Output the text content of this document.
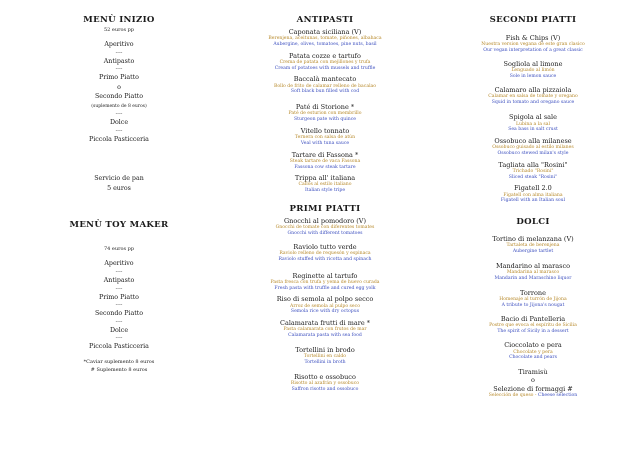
MENÙ INIZIO
52 euros pp
Aperitivo
----
Antipasto
----
Primo Piatto
o
Secondo Piatto
(suplemento de 8 euros)
----
Dolce
----
Piccola Pasticceria
Servicio de pan
5 euros
MENÙ TOY MAKER
74 euros pp
Aperitivo
----
Antipasto
----
Primo Piatto
----
Secondo Piatto
----
Dolce
----
Piccola Pasticceria
*Caviar suplemento 8 euros
# Suplemento 8 euros
ANTIPASTI
Caponata siciliana (V)
Berenjena, aceitunas, tomate, piñones, albahaca
Aubergine, olives, tomatoes, pine nuts, basil
Patata cozze e tartufo
Crema de patata con mejillones y trufa
Cream of potatoes with mussels and truffle
Baccalà mantecato
Bollo de frito de calamar relleno de bacalao
Soft black bun filled with cod
Paté di Storione *
Paté de esturion con membrillo
Sturgeon pate with quince
Vitello tonnato
Ternera con salsa de atún
Veal with tuna sauce
Tartare di Fassona *
Steak tartare de vaca Fassona
Fassona cow steak tartare
Trippa all' italiana
Callos al estilo italiano
Italian style tripe
PRIMI PIATTI
Gnocchi al pomodoro (V)
Gnocchi de tomate con diferentes tomates
Gnocchi with different tomatoes
Raviolo tutto verde
Raviolo relleno de requesón y espinaca
Raviolo stuffed with ricotta and spinach
Reginette al tartufo
Pasta fresca con trufa y yema de huevo curada
Fresh pasta with truffle and cured egg yolk
Riso di semola al polpo secco
Arroz de semola al pulpo seco
Semola rice with dry octopus
Calamarata frutti di mare *
Pasta calamarata con frutos de mar
Calamarata pasta with sea food
Tortellini in brodo
Tortellini en caldo
Tortellini in broth
Risotto e ossobuco
Risotto al azafrán y ossobuco
Saffron risotto and ossobuco
SECONDI PIATTI
Fish & Chips (V)
Nuestra version vegana de este gran clasico
Our vegan interpretation of a great classic
Sogliola al limone
Lenguado al limón
Sole in lemon sauce
Calamaro alla pizzaiola
Calamar en salsa de tomate y oregano
Squid in tomato and oregano sauce
Spigola al sale
Lubina a la sal
Sea bass in salt crust
Ossobuco alla milanese
Ossobuco guisado al estilo milanes
Ossobuco stewed milan's style
Tagliata alla "Rosini"
Trichado "Rosini"
Sliced steak "Rosini"
Figatell 2.0
Figatell con alma italiana
Figatell with an Italian soul
DOLCI
Tortino di melanzana (V)
Tartaleta de berenjena
Aubergine tartlet
Mandarino al marasco
Mandarina al marasco
Mandarin and Maraschino liquor
Torrone
Homenaje al turrón de Jijona
A tribute to Jijona's nougat
Bacio di Pantelleria
Postre que evoca el espíritu de Sicilia
The spirit of Sicily in a dessert
Cioccolato e pera
Chocolate y pera
Chocolate and pears
Tiramisù
o
Selezione di formaggi #
Selección de queso - Cheese selection
